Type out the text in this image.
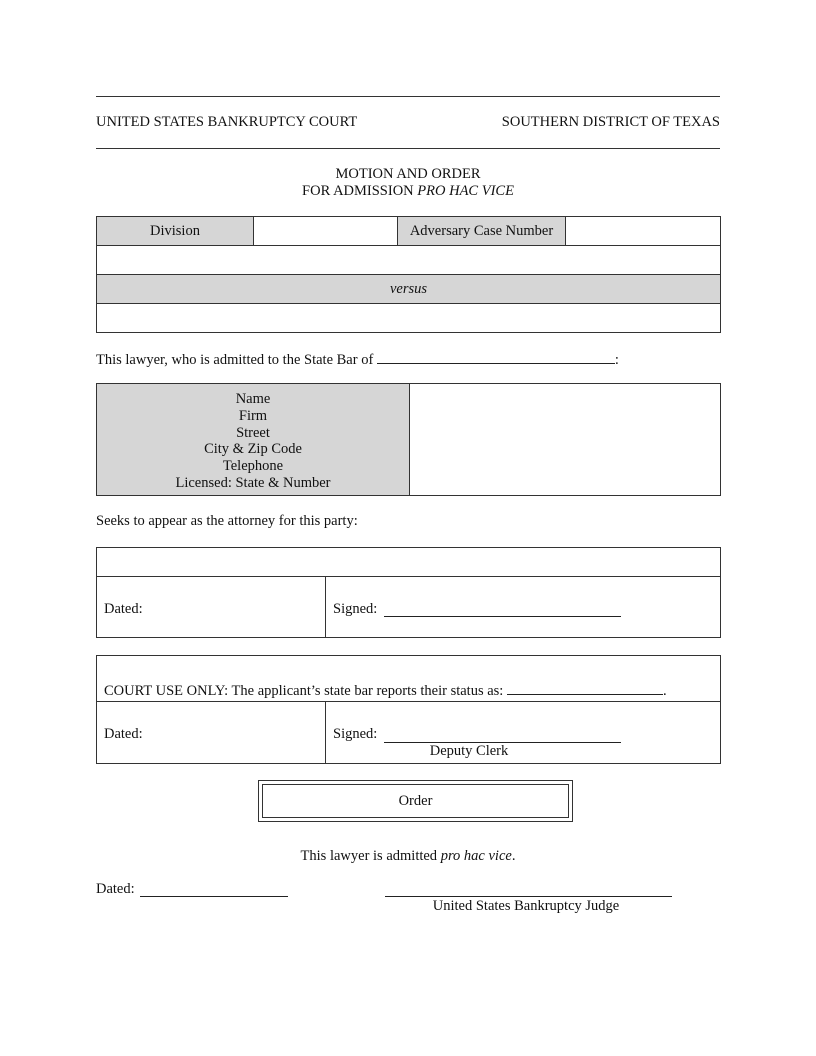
UNITED STATES BANKRUPTCY COURT	SOUTHERN DISTRICT OF TEXAS
MOTION AND ORDER
FOR ADMISSION PRO HAC VICE
Division	Adversary Case Number
versus
This lawyer, who is admitted to the State Bar of	:
Name
Firm
Street
City & Zip Code
Telephone
Licensed: State & Number
Seeks to appear as the attorney for this party:
Dated:	Signed:
COURT USE ONLY: The applicant’s state bar reports their status as:	.
Dated:	Signed:
Deputy Clerk
Order
This lawyer is admitted pro hac vice.
Dated:
United States Bankruptcy Judge
